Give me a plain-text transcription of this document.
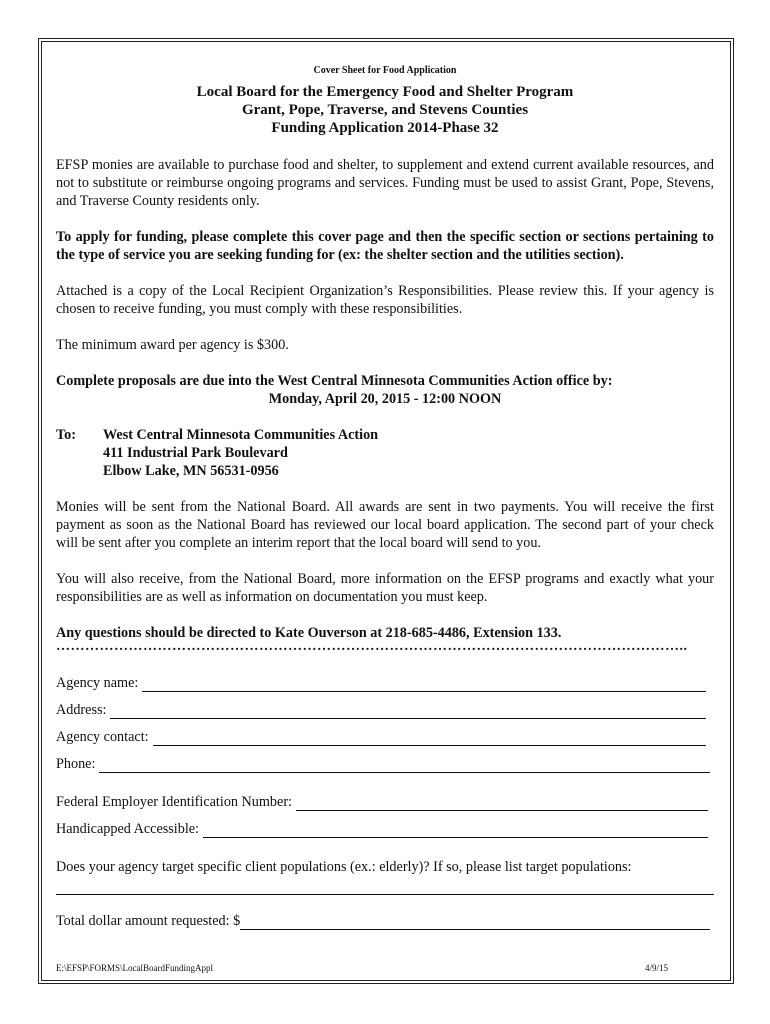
Cover Sheet for Food Application

Local Board for the Emergency Food and Shelter Program

Grant, Pope, Traverse, and Stevens Counties

Funding Application 2014-Phase 32

EFSP monies are available to purchase food and shelter, to supplement and extend current available resources, and not to substitute or reimburse ongoing programs and services. Funding must be used to assist Grant, Pope, Stevens, and Traverse County residents only.

To apply for funding, please complete this cover page and then the specific section or sections pertaining to the type of service you are seeking funding for (ex: the shelter section and the utilities section).

Attached is a copy of the Local Recipient Organization’s Responsibilities. Please review this. If your agency is chosen to receive funding, you must comply with these responsibilities.

The minimum award per agency is $300.

Complete proposals are due into the West Central Minnesota Communities Action office by:

Monday, April 20, 2015 - 12:00 NOON

To:	West Central Minnesota Communities Action
411 Industrial Park Boulevard
Elbow Lake, MN 56531-0956

Monies will be sent from the National Board. All awards are sent in two payments. You will receive the first payment as soon as the National Board has reviewed our local board application. The second part of your check will be sent after you complete an interim report that the local board will send to you.

You will also receive, from the National Board, more information on the EFSP programs and exactly what your responsibilities are as well as information on documentation you must keep.

Any questions should be directed to Kate Ouverson at 218-685-4486, Extension 133.

…………………………………………………………………………………………………………………..
Agency name:
Address:
Agency contact:
Phone:
Federal Employer Identification Number:
Handicapped Accessible:

Does your agency target specific client populations (ex.: elderly)? If so, please list target populations:

Total dollar amount requested: $
E:\EFSP\FORMS\LocalBoardFundingAppl	4/9/15
